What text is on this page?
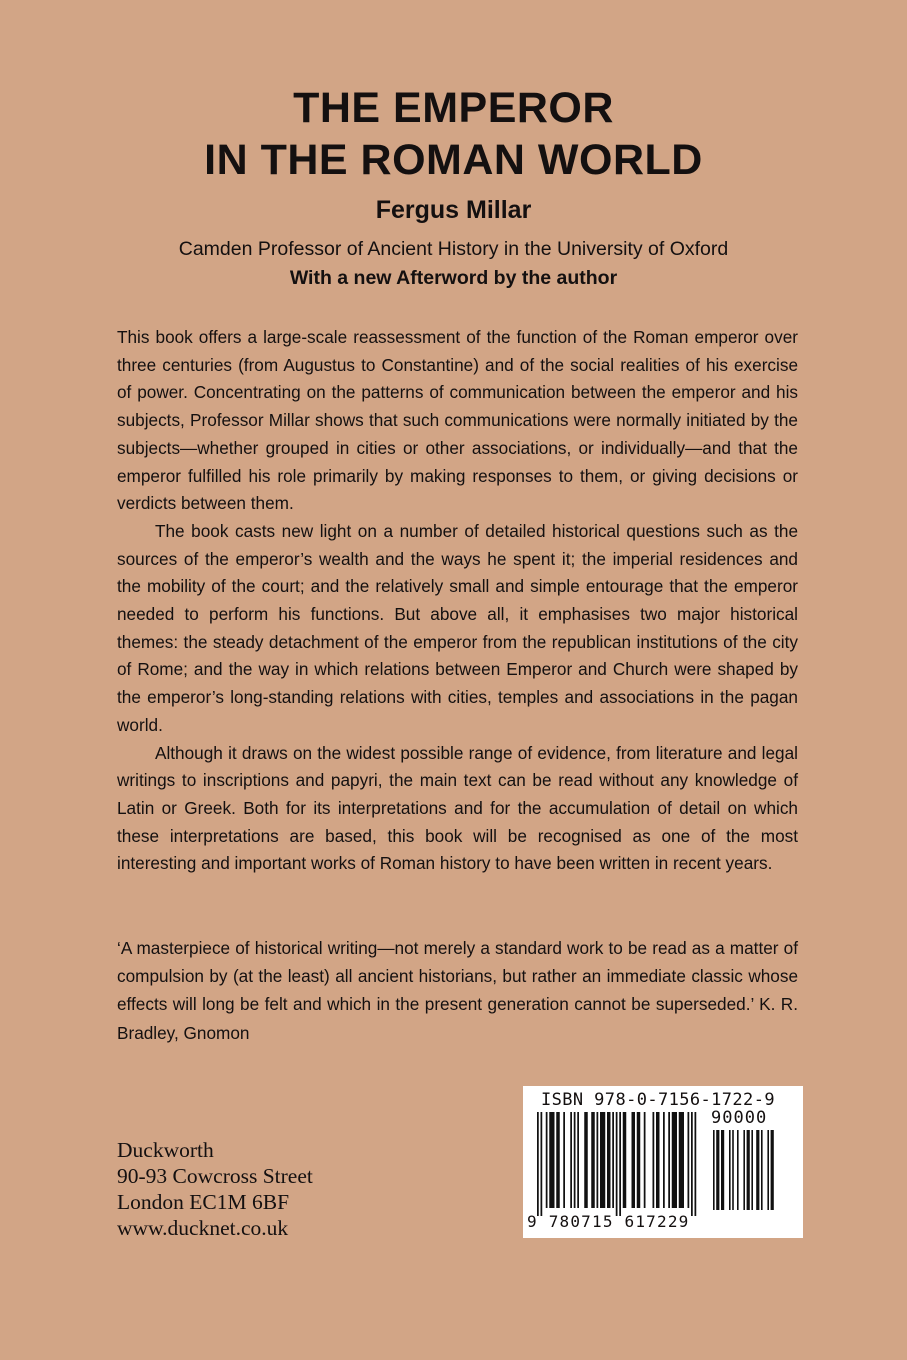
THE EMPEROR
IN THE ROMAN WORLD
Fergus Millar
Camden Professor of Ancient History in the University of Oxford
With a new Afterword by the author

This book offers a large-scale reassessment of the function of the Roman emperor over three centuries (from Augustus to Constantine) and of the social realities of his exercise of power. Concentrating on the patterns of communication between the emperor and his subjects, Professor Millar shows that such communications were normally initiated by the subjects—whether grouped in cities or other associations, or individually—and that the emperor fulfilled his role primarily by making responses to them, or giving decisions or verdicts between them.

The book casts new light on a number of detailed historical questions such as the sources of the emperor’s wealth and the ways he spent it; the imperial residences and the mobility of the court; and the relatively small and simple entourage that the emperor needed to perform his functions. But above all, it emphasises two major historical themes: the steady detachment of the emperor from the republican institutions of the city of Rome; and the way in which relations between Emperor and Church were shaped by the emperor’s long-standing relations with cities, temples and associations in the pagan world.

Although it draws on the widest possible range of evidence, from literature and legal writings to inscriptions and papyri, the main text can be read without any knowledge of Latin or Greek. Both for its interpretations and for the accumulation of detail on which these interpretations are based, this book will be recognised as one of the most interesting and important works of Roman history to have been written in recent years.

‘A masterpiece of historical writing—not merely a standard work to be read as a matter of compulsion by (at the least) all ancient historians, but rather an immediate classic whose effects will long be felt and which in the present generation cannot be superseded.’ K. R. Bradley, Gnomon

Duckworth
90-93 Cowcross Street
London EC1M 6BF
www.ducknet.co.uk
ISBN 978-0-7156-1722-9
90000
9 780715 617229
